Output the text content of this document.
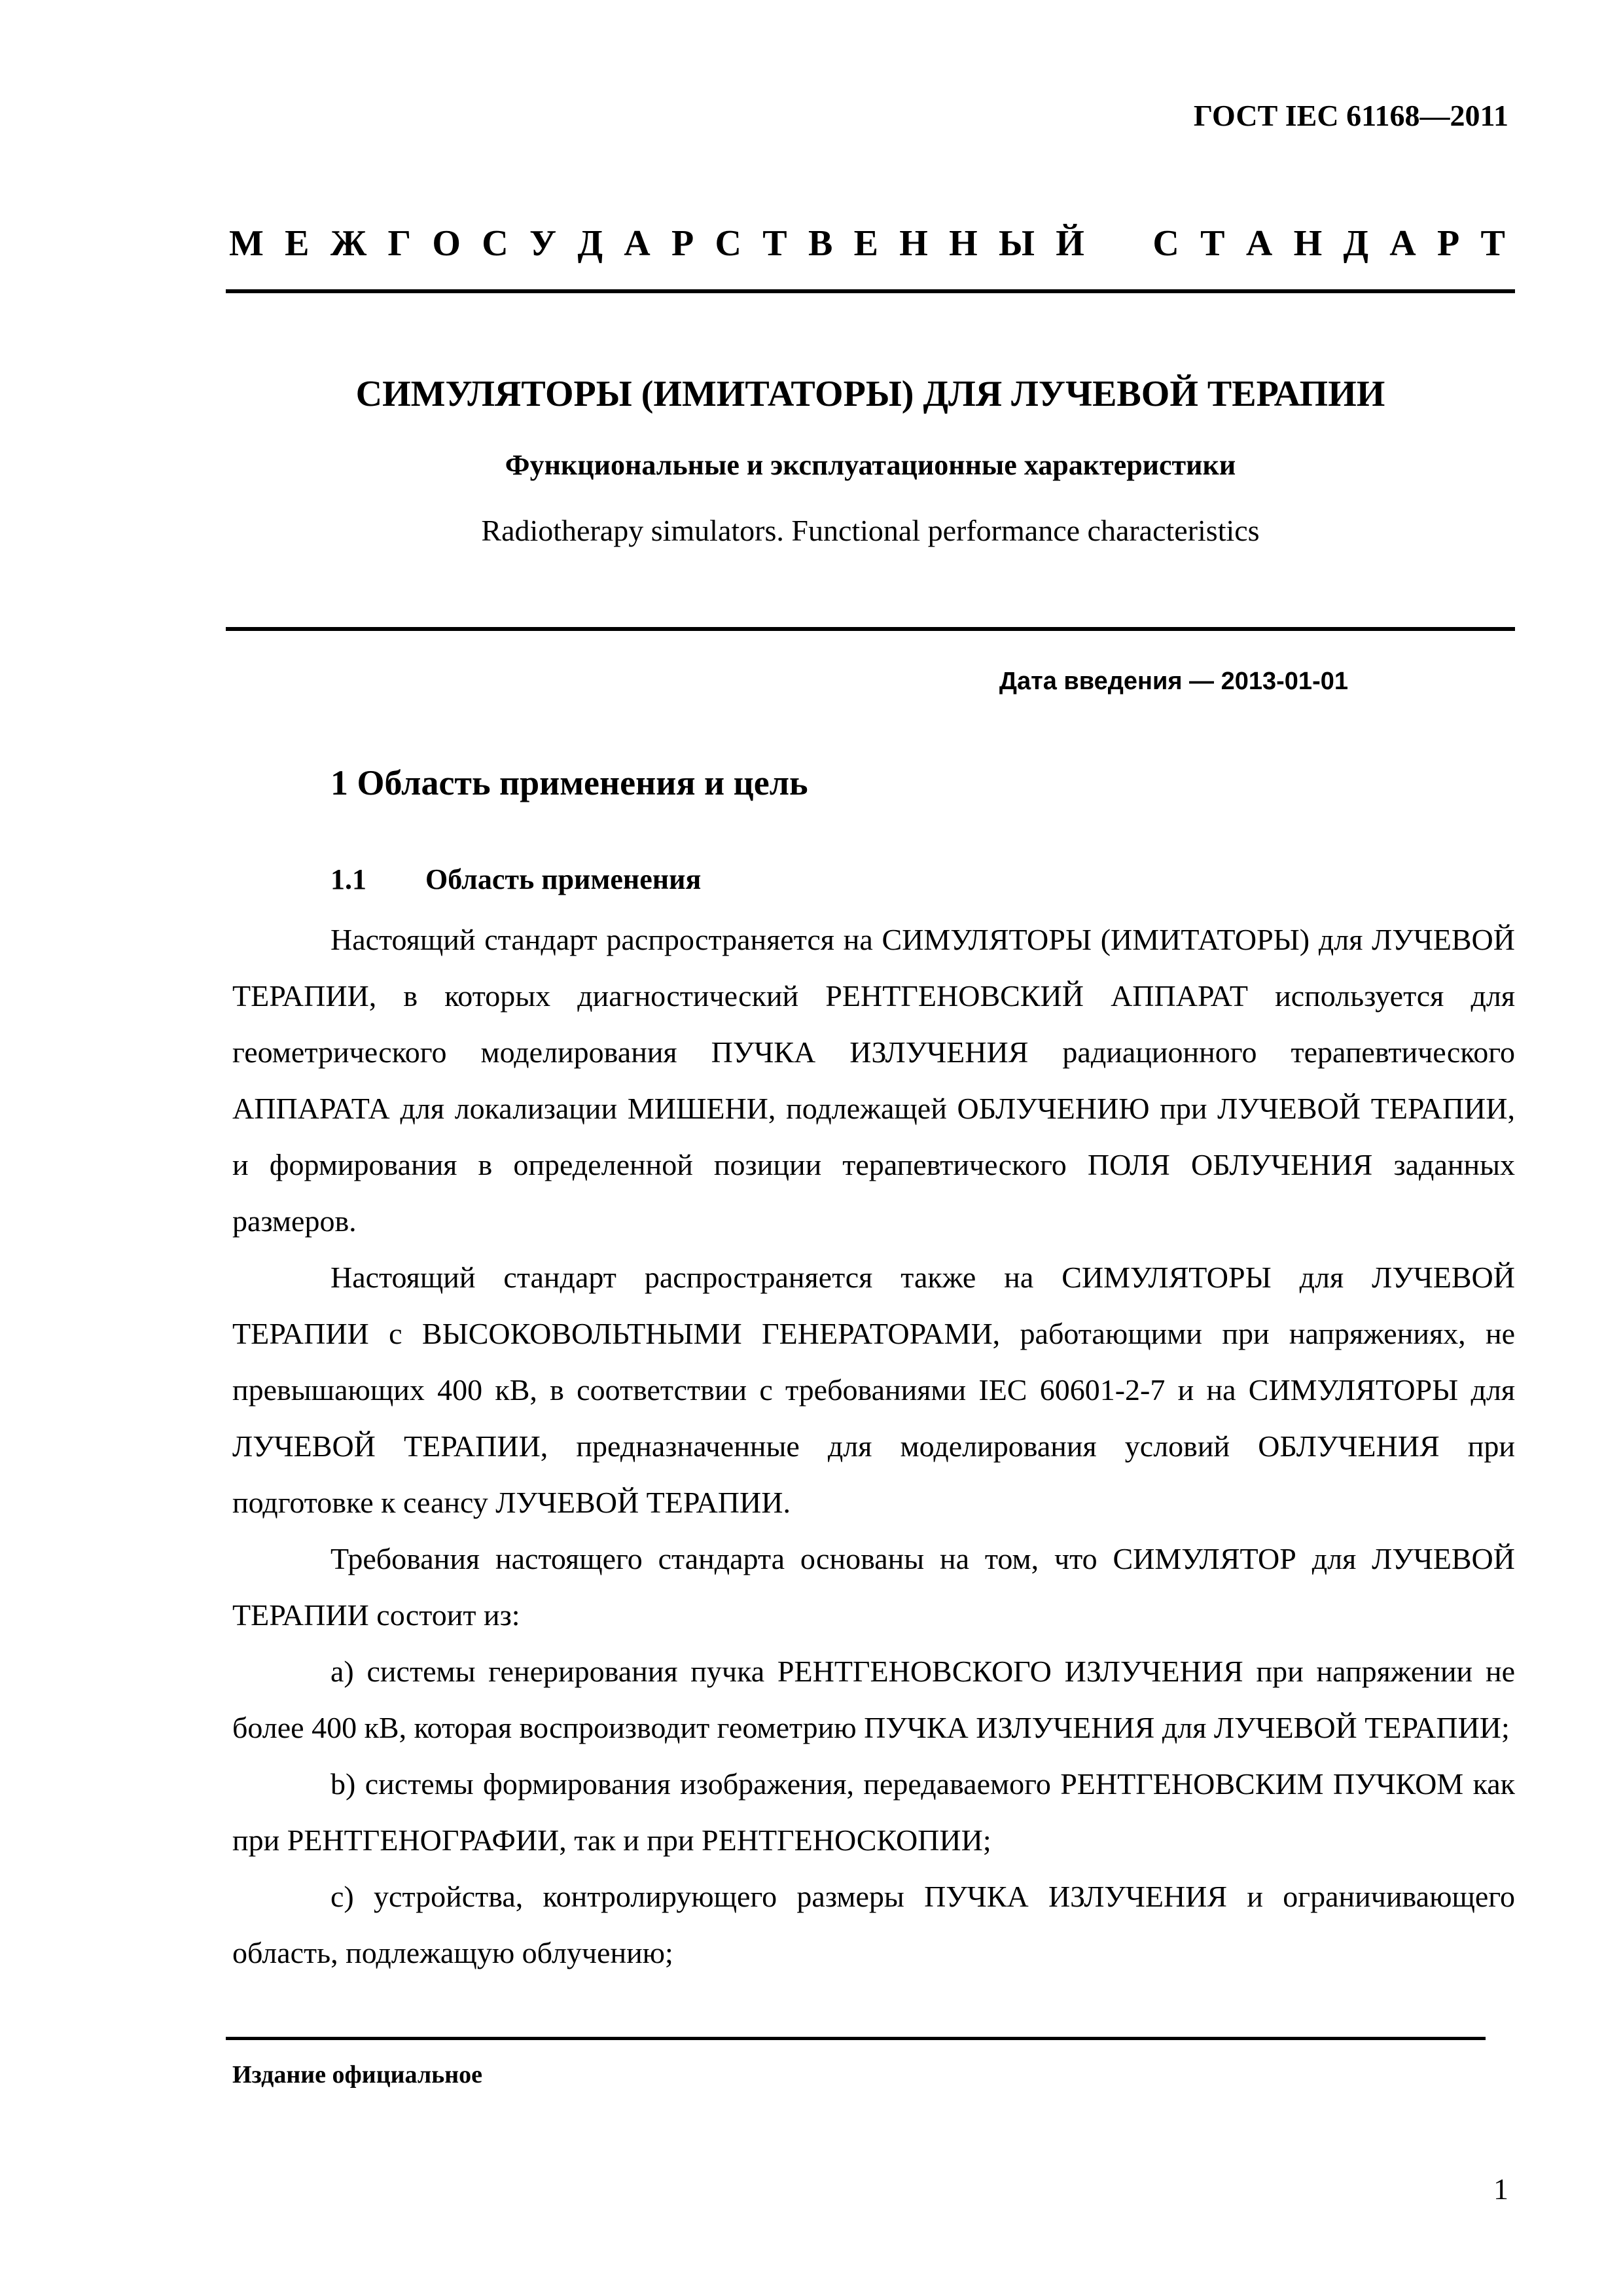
ГОСТ IEC 61168—2011
М Е Ж Г О С У Д А Р С Т В Е Н Н Ы Й С Т А Н Д А Р Т
СИМУЛЯТОРЫ (ИМИТАТОРЫ) ДЛЯ ЛУЧЕВОЙ ТЕРАПИИ
Функциональные и эксплуатационные характеристики
Radiotherapy simulators. Functional performance characteristics
Дата введения — 2013-01-01
1 Область применения и цель
1.1 Область применения

Настоящий стандарт распространяется на СИМУЛЯТОРЫ (ИМИТАТОРЫ) для ЛУЧЕВОЙ ТЕРАПИИ, в которых диагностический РЕНТГЕНОВСКИЙ АППАРАТ используется для геометрического моделирования ПУЧКА ИЗЛУЧЕНИЯ радиационного терапевтического АППАРАТА для локализации МИШЕНИ, подлежащей ОБЛУЧЕНИЮ при ЛУЧЕВОЙ ТЕРАПИИ, и формирования в определенной позиции терапевтического ПОЛЯ ОБЛУЧЕНИЯ заданных размеров.

Настоящий стандарт распространяется также на СИМУЛЯТОРЫ для ЛУЧЕВОЙ ТЕРАПИИ с ВЫСОКОВОЛЬТНЫМИ ГЕНЕРАТОРАМИ, работающими при напряжениях, не превышающих 400 кВ, в соответствии с требованиями IEC 60601-2-7 и на СИМУЛЯТОРЫ для ЛУЧЕВОЙ ТЕРАПИИ, предназначенные для моделирования условий ОБЛУЧЕНИЯ при подготовке к сеансу ЛУЧЕВОЙ ТЕРАПИИ.

Требования настоящего стандарта основаны на том, что СИМУЛЯТОР для ЛУЧЕВОЙ ТЕРАПИИ состоит из:

a) системы генерирования пучка РЕНТГЕНОВСКОГО ИЗЛУЧЕНИЯ при напряжении не более 400 кВ, которая воспроизводит геометрию ПУЧКА ИЗЛУЧЕНИЯ для ЛУЧЕВОЙ ТЕРАПИИ;

b) системы формирования изображения, передаваемого РЕНТГЕНОВСКИМ ПУЧКОМ как при РЕНТГЕНОГРАФИИ, так и при РЕНТГЕНОСКОПИИ;

c) устройства, контролирующего размеры ПУЧКА ИЗЛУЧЕНИЯ и ограничивающего область, подлежащую облучению;

Издание официальное
1
